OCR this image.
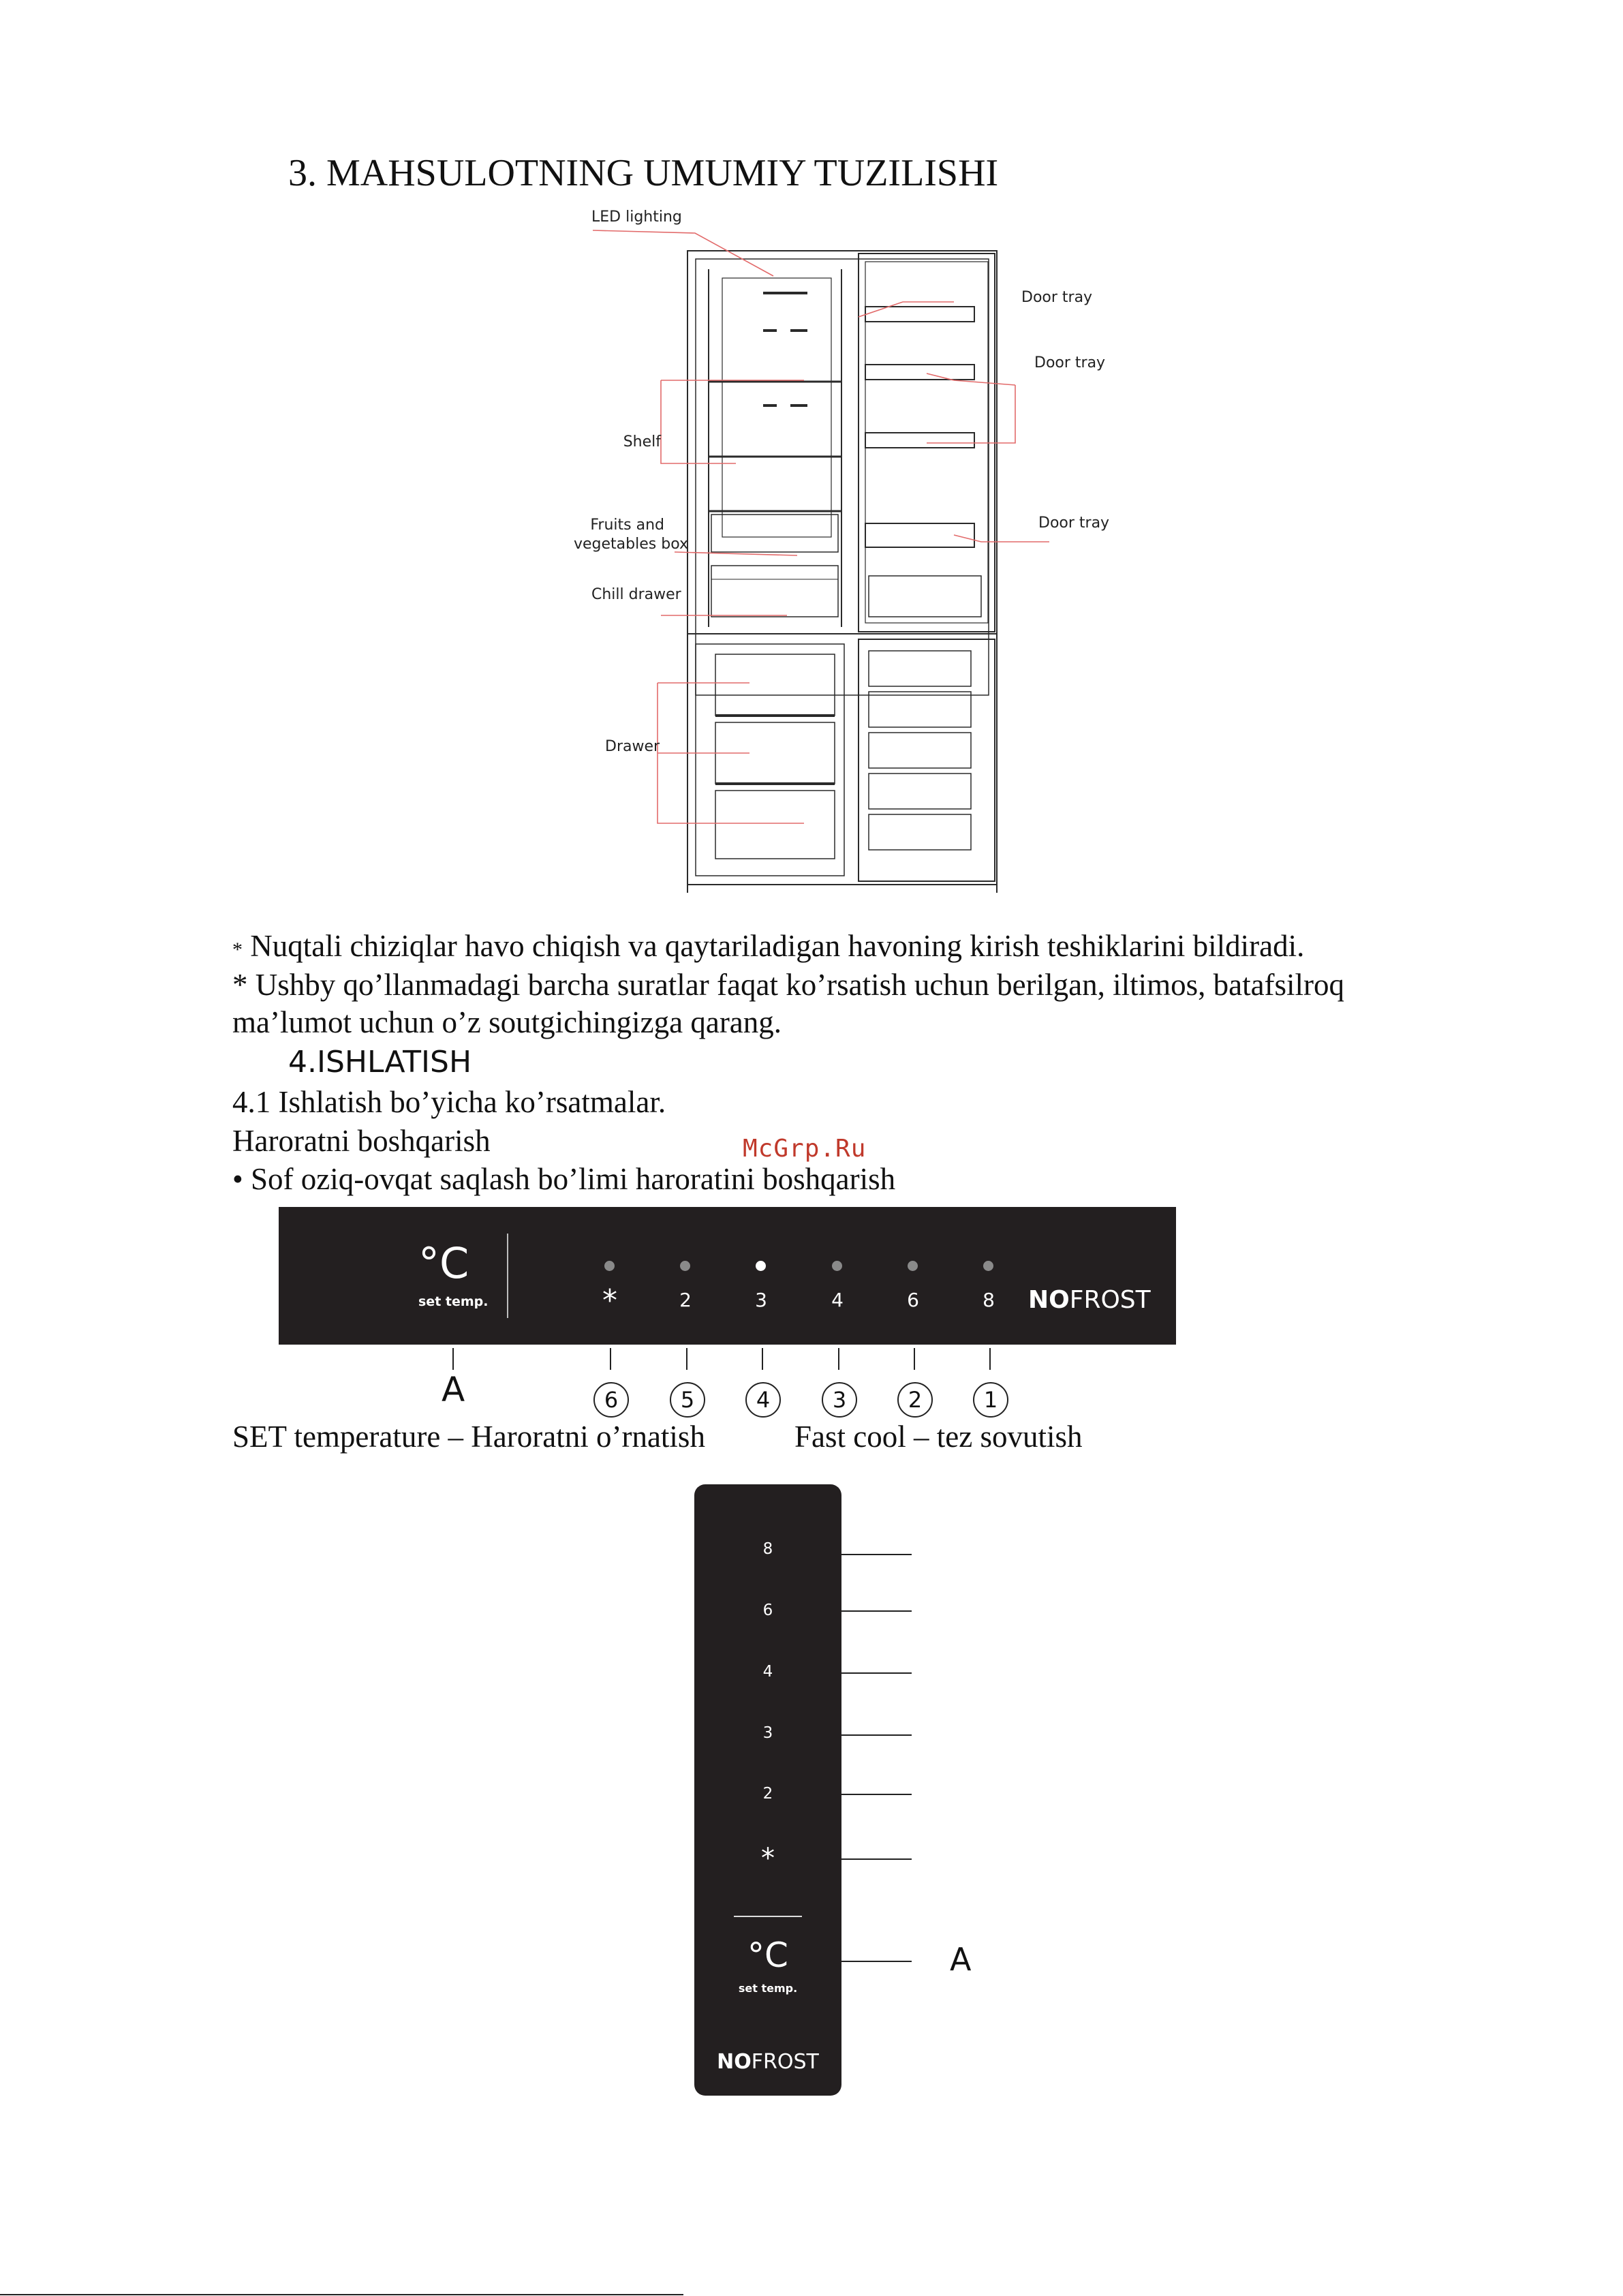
3. MAHSULOTNING UMUMIY TUZILISHI
LED lighting
Door tray
Door tray
Door tray
Shelf
Fruits and
vegetables box
Chill drawer
Drawer
* Nuqtali chiziqlar havo chiqish va qaytariladigan havoning kirish teshiklarini bildiradi.
* Ushby qo’llanmadagi barcha suratlar faqat ko’rsatish uchun berilgan, iltimos, batafsilroq
ma’lumot uchun o’z soutgichingizga qarang.
4.ISHLATISH
4.1 Ishlatish bo’yicha ko’rsatmalar.
Haroratni boshqarish	McGrp.Ru
• Sof oziq-ovqat saqlash bo’limi haroratini boshqarish
°C
set temp.	*	2	3	4	6	8	NOFROST
A	6	5	4	3	2	1
SET temperature – Haroratni o’rnatish	Fast cool – tez sovutish
8
6
4
3
2
*
°C
set temp.
NOFROST
A
